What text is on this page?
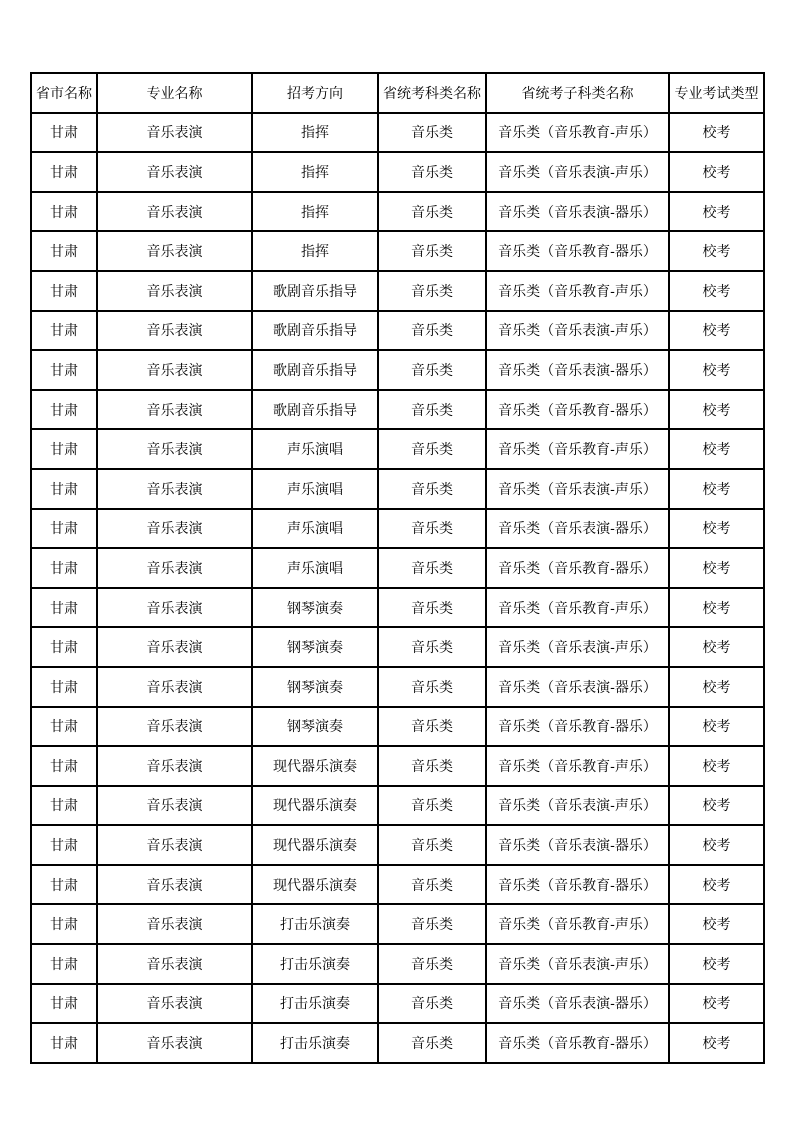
省市名称	专业名称	招考方向	省统考科类名称	省统考子科类名称	专业考试类型
甘肃	音乐表演	指挥	音乐类	音乐类（音乐教育-声乐）	校考
甘肃	音乐表演	指挥	音乐类	音乐类（音乐表演-声乐）	校考
甘肃	音乐表演	指挥	音乐类	音乐类（音乐表演-器乐）	校考
甘肃	音乐表演	指挥	音乐类	音乐类（音乐教育-器乐）	校考
甘肃	音乐表演	歌剧音乐指导	音乐类	音乐类（音乐教育-声乐）	校考
甘肃	音乐表演	歌剧音乐指导	音乐类	音乐类（音乐表演-声乐）	校考
甘肃	音乐表演	歌剧音乐指导	音乐类	音乐类（音乐表演-器乐）	校考
甘肃	音乐表演	歌剧音乐指导	音乐类	音乐类（音乐教育-器乐）	校考
甘肃	音乐表演	声乐演唱	音乐类	音乐类（音乐教育-声乐）	校考
甘肃	音乐表演	声乐演唱	音乐类	音乐类（音乐表演-声乐）	校考
甘肃	音乐表演	声乐演唱	音乐类	音乐类（音乐表演-器乐）	校考
甘肃	音乐表演	声乐演唱	音乐类	音乐类（音乐教育-器乐）	校考
甘肃	音乐表演	钢琴演奏	音乐类	音乐类（音乐教育-声乐）	校考
甘肃	音乐表演	钢琴演奏	音乐类	音乐类（音乐表演-声乐）	校考
甘肃	音乐表演	钢琴演奏	音乐类	音乐类（音乐表演-器乐）	校考
甘肃	音乐表演	钢琴演奏	音乐类	音乐类（音乐教育-器乐）	校考
甘肃	音乐表演	现代器乐演奏	音乐类	音乐类（音乐教育-声乐）	校考
甘肃	音乐表演	现代器乐演奏	音乐类	音乐类（音乐表演-声乐）	校考
甘肃	音乐表演	现代器乐演奏	音乐类	音乐类（音乐表演-器乐）	校考
甘肃	音乐表演	现代器乐演奏	音乐类	音乐类（音乐教育-器乐）	校考
甘肃	音乐表演	打击乐演奏	音乐类	音乐类（音乐教育-声乐）	校考
甘肃	音乐表演	打击乐演奏	音乐类	音乐类（音乐表演-声乐）	校考
甘肃	音乐表演	打击乐演奏	音乐类	音乐类（音乐表演-器乐）	校考
甘肃	音乐表演	打击乐演奏	音乐类	音乐类（音乐教育-器乐）	校考
